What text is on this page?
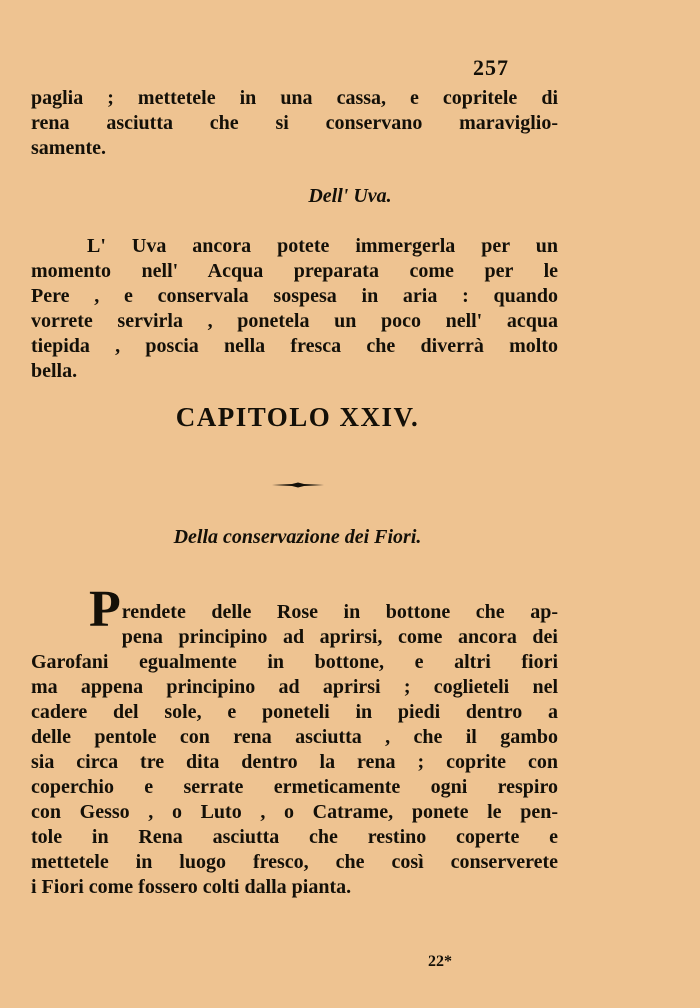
257

paglia ; mettetele in una cassa, e copritele di
rena asciutta che si conservano maraviglio-
samente.

Dell' Uva.

L' Uva ancora potete immergerla per un
momento nell' Acqua preparata come per le
Pere , e conservala sospesa in aria : quando
vorrete servirla , ponetela un poco nell' acqua
tiepida , poscia nella fresca che diverrà molto
bella.

CAPITOLO XXIV.
Della conservazione dei Fiori.
P rendete delle Rose in bottone che ap-
pena principino ad aprirsi, come ancora dei
Garofani egualmente in bottone, e altri fiori
ma appena principino ad aprirsi ; coglieteli nel
cadere del sole, e poneteli in piedi dentro a
delle pentole con rena asciutta , che il gambo
sia circa tre dita dentro la rena ; coprite con
coperchio e serrate ermeticamente ogni respiro
con Gesso , o Luto , o Catrame, ponete le pen-
tole in Rena asciutta che restino coperte e
mettetele in luogo fresco, che così conserverete
i Fiori come fossero colti dalla pianta.
22*
